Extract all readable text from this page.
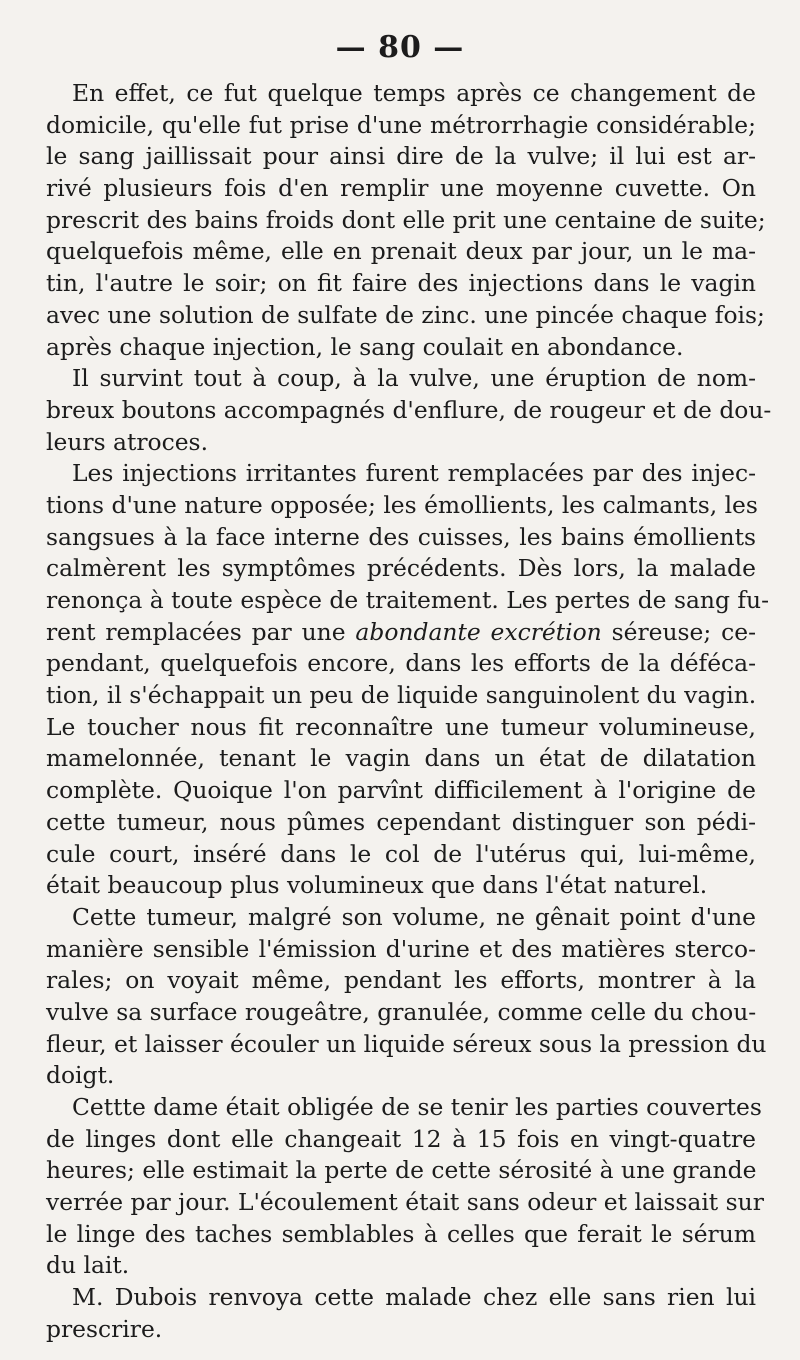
— 80 —
En effet, ce fut quelque temps après ce changement de
domicile, qu'elle fut prise d'une métrorrhagie considérable;
le sang jaillissait pour ainsi dire de la vulve; il lui est ar-
rivé plusieurs fois d'en remplir une moyenne cuvette. On
prescrit des bains froids dont elle prit une centaine de suite;
quelquefois même, elle en prenait deux par jour, un le ma-
tin, l'autre le soir; on fit faire des injections dans le vagin
avec une solution de sulfate de zinc. une pincée chaque fois;
après chaque injection, le sang coulait en abondance.
Il survint tout à coup, à la vulve, une éruption de nom-
breux boutons accompagnés d'enflure, de rougeur et de dou-
leurs atroces.
Les injections irritantes furent remplacées par des injec-
tions d'une nature opposée; les émollients, les calmants, les
sangsues à la face interne des cuisses, les bains émollients
calmèrent les symptômes précédents. Dès lors, la malade
renonça à toute espèce de traitement. Les pertes de sang fu-
rent remplacées par une abondante excrétion séreuse; ce-
pendant, quelquefois encore, dans les efforts de la défécа-
tion, il s'échappait un peu de liquide sanguinolent du vagin.
Le toucher nous fit reconnaître une tumeur volumineuse,
mamelonnée, tenant le vagin dans un état de dilatation
complète. Quoique l'on parvînt difficilement à l'origine de
cette tumeur, nous pûmes cependant distinguer son pédi-
cule court, inséré dans le col de l'utérus qui, lui-même,
était beaucoup plus volumineux que dans l'état naturel.
Cette tumeur, malgré son volume, ne gênait point d'une
manière sensible l'émission d'urine et des matières sterco-
rales; on voyait même, pendant les efforts, montrer à la
vulve sa surface rougeâtre, granulée, comme celle du chou-
fleur, et laisser écouler un liquide séreux sous la pression du
doigt.
Cettte dame était obligée de se tenir les parties couvertes
de linges dont elle changeait 12 à 15 fois en vingt-quatre
heures; elle estimait la perte de cette sérosité à une grande
verrée par jour. L'écoulement était sans odeur et laissait sur
le linge des taches semblables à celles que ferait le sérum
du lait.
M. Dubois renvoya cette malade chez elle sans rien lui
prescrire.
